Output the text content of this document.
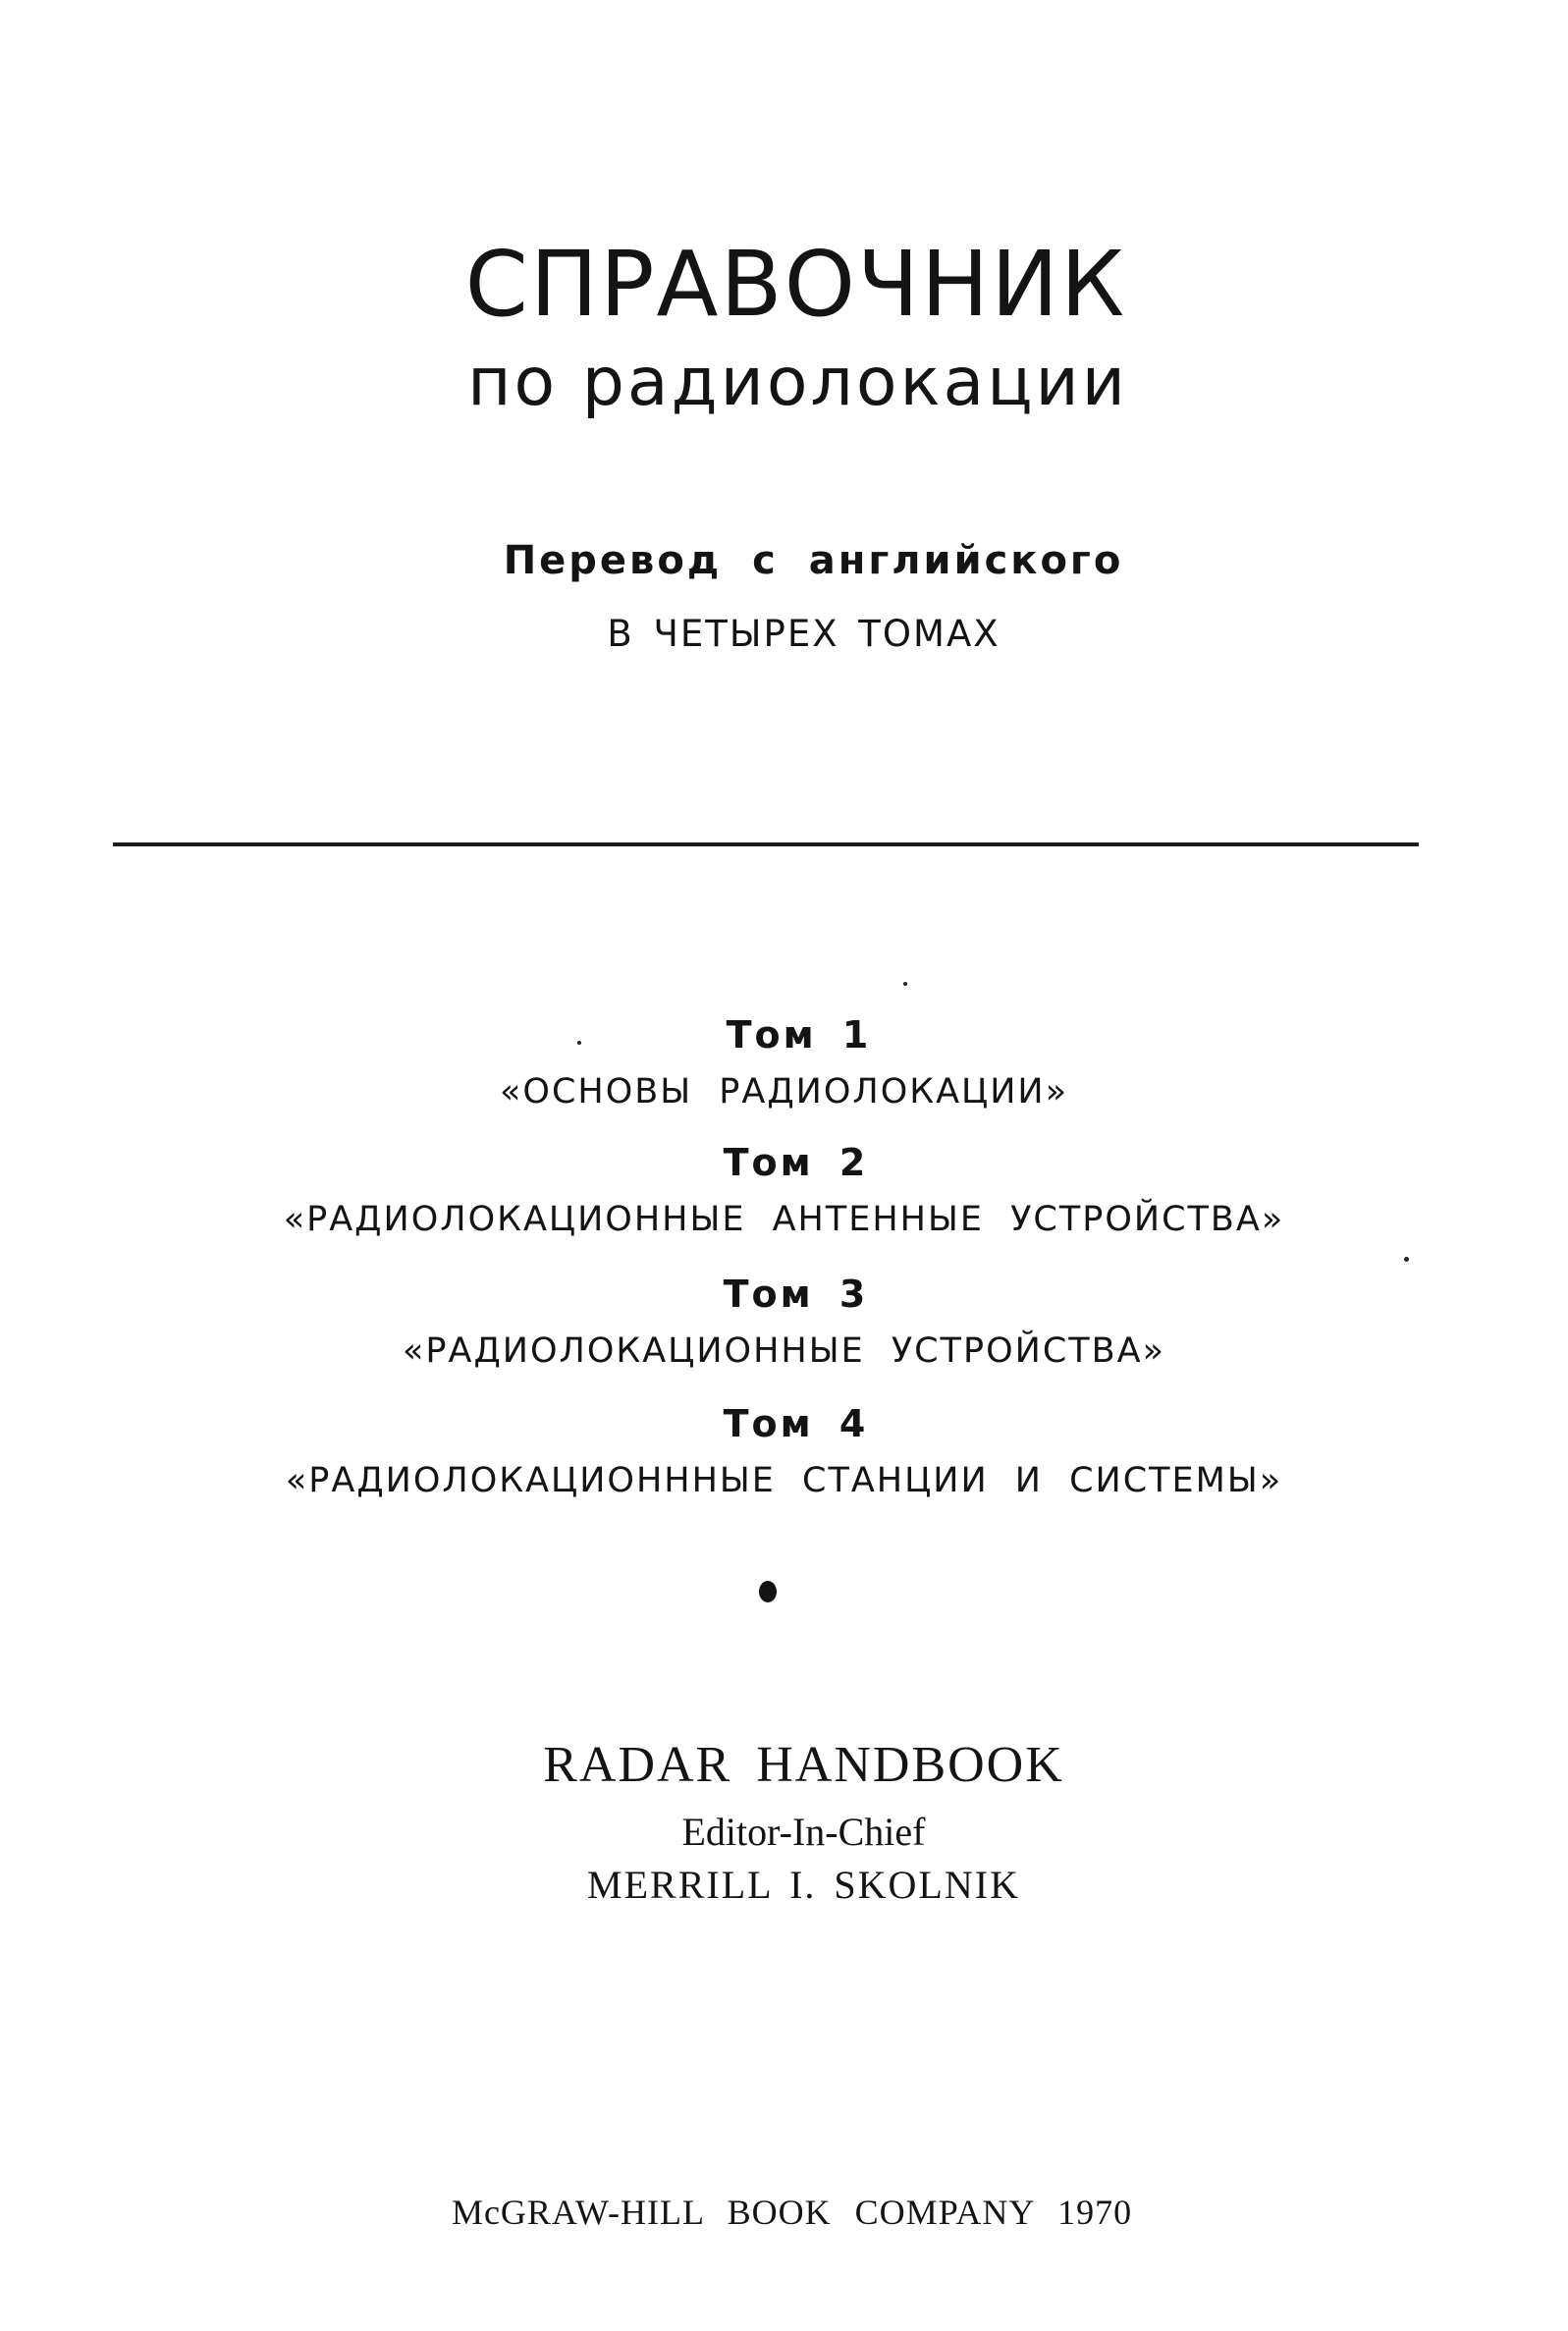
СПРАВОЧНИК
по радиолокации
Перевод с английского
В ЧЕТЫРЕХ ТОМАХ
Том 1
«ОСНОВЫ РАДИОЛОКАЦИИ»
Том 2
«РАДИОЛОКАЦИОННЫЕ АНТЕННЫЕ УСТРОЙСТВА»
Том 3
«РАДИОЛОКАЦИОННЫЕ УСТРОЙСТВА»
Том 4
«РАДИОЛОКАЦИОНННЫЕ СТАНЦИИ И СИСТЕМЫ»
RADAR HANDBOOK
Editor-In-Chief
MERRILL I. SKOLNIK
McGRAW-HILL BOOK COMPANY 1970
